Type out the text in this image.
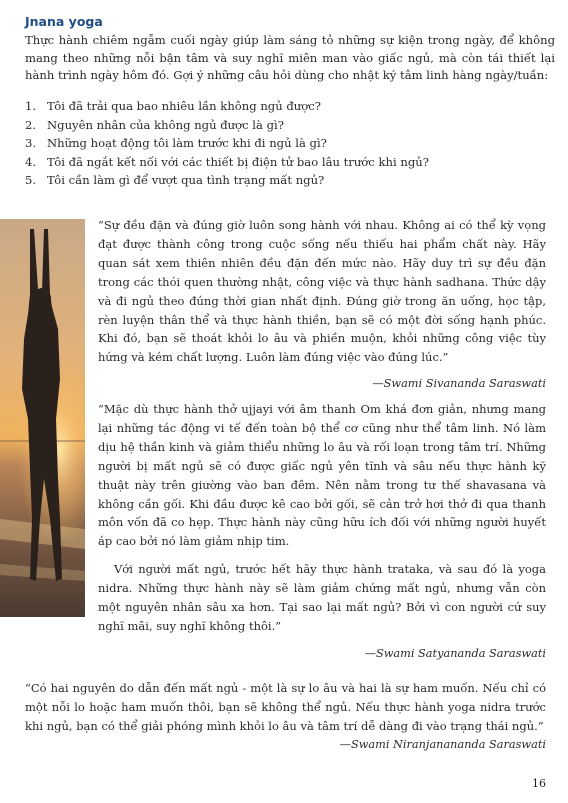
Jnana yoga

Thực hành chiêm ngẫm cuối ngày giúp làm sáng tỏ những sự kiện trong ngày, để không mang theo những nỗi bận tâm và suy nghĩ miên man vào giấc ngủ, mà còn tái thiết lại hành trình ngày hôm đó. Gợi ý những câu hỏi dùng cho nhật ký tâm linh hàng ngày/tuần:

1. Tôi đã trải qua bao nhiêu lần không ngủ được?
2. Nguyên nhân của không ngủ được là gì?
3. Những hoạt động tôi làm trước khi đi ngủ là gì?
4. Tôi đã ngắt kết nối với các thiết bị điện tử bao lâu trước khi ngủ?
5. Tôi cần làm gì để vượt qua tình trạng mất ngủ?

“Sự đều đặn và đúng giờ luôn song hành với nhau. Không ai có thể kỳ vọng đạt được thành công trong cuộc sống nếu thiếu hai phẩm chất này. Hãy quan sát xem thiên nhiên đều đặn đến mức nào. Hãy duy trì sự đều đặn trong các thói quen thường nhật, công việc và thực hành sadhana. Thức dậy và đi ngủ theo đúng thời gian nhất định. Đúng giờ trong ăn uống, học tập, rèn luyện thân thể và thực hành thiền, bạn sẽ có một đời sống hạnh phúc. Khi đó, bạn sẽ thoát khỏi lo âu và phiền muộn, khỏi những công việc tùy hứng và kém chất lượng. Luôn làm đúng việc vào đúng lúc.”

—Swami Sivananda Saraswati

“Mặc dù thực hành thở ujjayi với âm thanh Om khá đơn giản, nhưng mang lại những tác động vi tế đến toàn bộ thể cơ cũng như thể tâm linh. Nó làm dịu hệ thần kinh và giảm thiểu những lo âu và rối loạn trong tâm trí. Những người bị mất ngủ sẽ có được giấc ngủ yên tĩnh và sâu nếu thực hành kỹ thuật này trên giường vào ban đêm. Nên nằm trong tư thế shavasana và không cần gối. Khi đầu được kê cao bởi gối, sẽ cản trở hơi thở đi qua thanh môn vốn đã co hẹp. Thực hành này cũng hữu ích đối với những người huyết áp cao bởi nó làm giảm nhịp tim.

Với người mất ngủ, trước hết hãy thực hành trataka, và sau đó là yoga nidra. Những thực hành này sẽ làm giảm chứng mất ngủ, nhưng vẫn còn một nguyên nhân sâu xa hơn. Tại sao lại mất ngủ? Bởi vì con người cứ suy nghĩ mãi, suy nghĩ không thôi.”

—Swami Satyananda Saraswati

“Có hai nguyên do dẫn đến mất ngủ - một là sự lo âu và hai là sự ham muốn. Nếu chỉ có một nỗi lo hoặc ham muốn thôi, bạn sẽ không thể ngủ. Nếu thực hành yoga nidra trước khi ngủ, bạn có thể giải phóng mình khỏi lo âu và tâm trí dễ dàng đi vào trạng thái ngủ.”

—Swami Niranjanananda Saraswati
16
